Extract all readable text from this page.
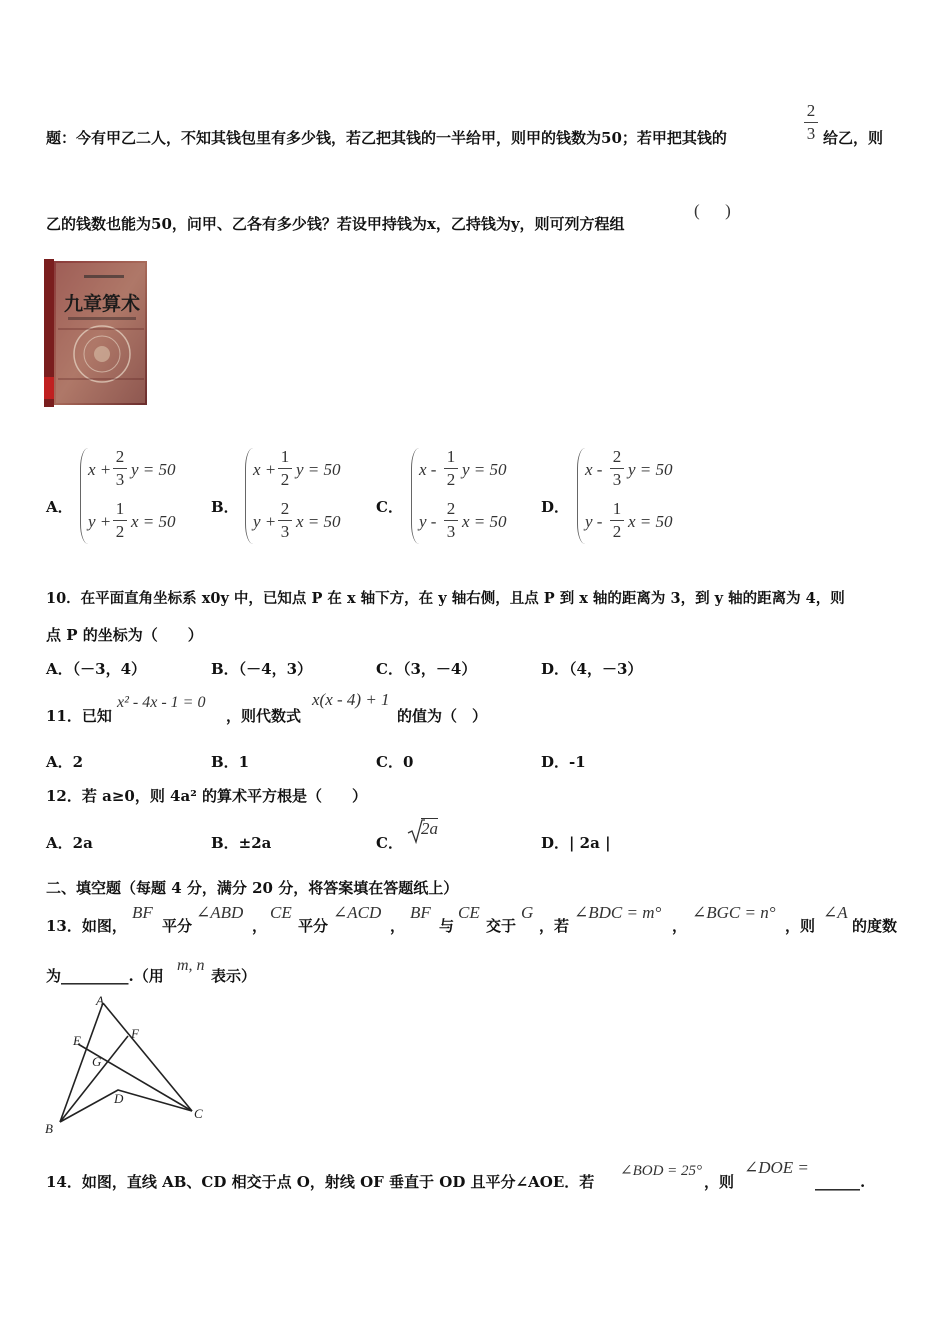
题：今有甲乙二人，不知其钱包里有多少钱，若乙把其钱的一半给甲，则甲的钱数为50；若甲把其钱的
2
3 给乙，则
乙的钱数也能为50，问甲、乙各有多少钱？若设甲持钱为x，乙持钱为y，则可列方程组
(      )
九章算术
A．
x +
2
3
y = 50
y +
1
2
x = 50
B．
x +
1
2
y = 50
y +
2
3
x = 50
C．
x -
1
2
y = 50
y -
2
3
x = 50
D．
x -
2
3
y = 50
y -
1
2
x = 50
10．在平面直角坐标系 x0y 中，已知点 P 在 x 轴下方，在 y 轴右侧，且点 P 到 x 轴的距离为 3，到 y 轴的距离为 4，则
点 P 的坐标为（　　）
A．（－3，4）	B．（－4，3）	C．（3，－4）	D．（4，－3）
11．已知
x² - 4x - 1 = 0
，则代数式
x(x - 4) + 1
的值为（　）
A．2	B．1	C．0	D．-1
12．若 a≥0，则 4a² 的算术平方根是（　　）
A．2a	B．±2a	C．
2a
D．| 2a |
二、填空题（每题 4 分，满分 20 分，将答案填在答题纸上）
13．如图，
BF
平分
∠ABD
，
CE
平分
∠ACD
，
BF
与
CE
交于
G
，若
∠BDC = m°
，
∠BGC = n°
，则
∠A
的度数
为_________.（用
m, n
表示）
A
B
C
D
E	F
G
14．如图，直线 AB、CD 相交于点 O，射线 OF 垂直于 OD 且平分∠AOE．若
∠BOD = 25°
，则
∠DOE =
______.
